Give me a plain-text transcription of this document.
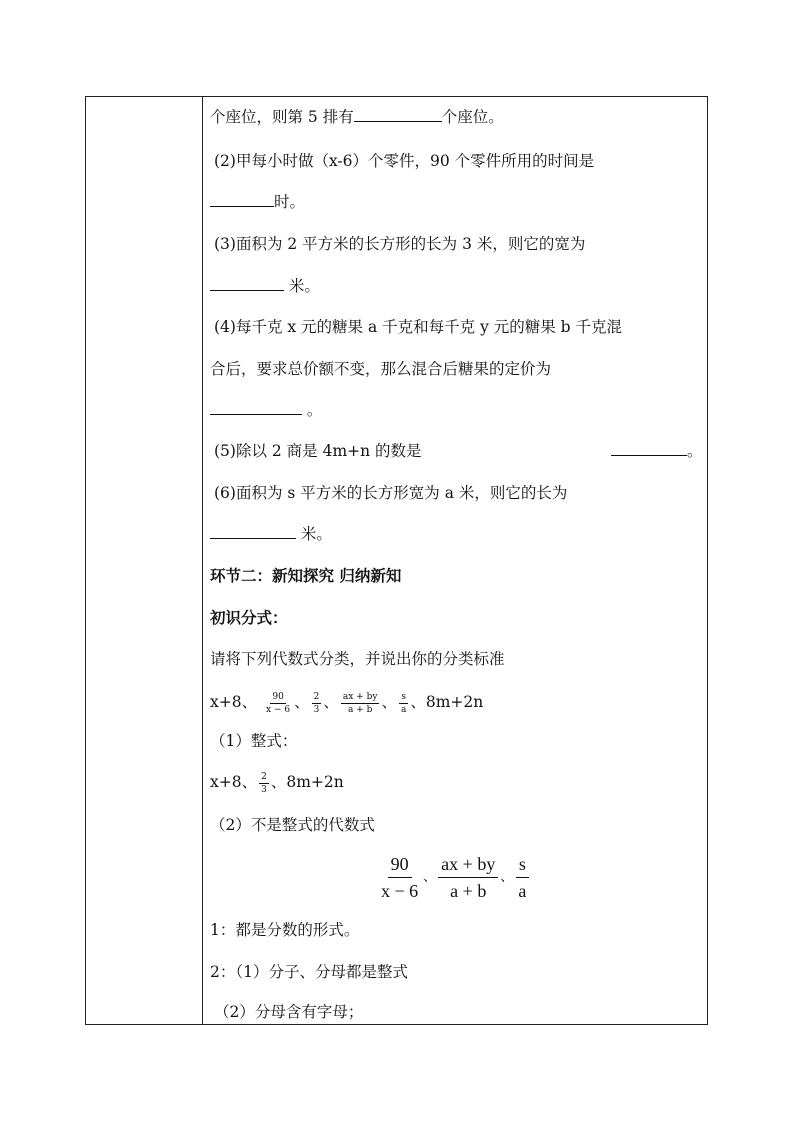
个座位，则第 5 排有	个座位。
(2)甲每小时做（x-6）个零件，90 个零件所用的时间是
时。
(3)面积为 2 平方米的长方形的长为 3 米，则它的宽为
米。
(4)每千克 x 元的糖果 a 千克和每千克 y 元的糖果 b 千克混
合后，要求总价额不变，那么混合后糖果的定价为
。
(5)除以 2 商是 4m+n 的数是	。
(6)面积为 s 平方米的长方形宽为 a 米，则它的长为
米。
环节二：新知探究 归纳新知
初识分式：
请将下列代数式分类，并说出你的分类标准
x+8、 $\frac{90}{x - 6}$ 、 $\frac{2}{3}$ 、 $\frac{ax + by}{a + b}$ 、 $\frac{s}{a}$ 、8m+2n
（1）整式：
x+8、 $\frac{2}{3}$ 、8m+2n
（2）不是整式的代数式
$\frac{90}{x - 6}$ 、 $\frac{ax + by}{a + b}$ 、 $\frac{s}{a}$
1：都是分数的形式。
2：（1）分子、分母都是整式
（2）分母含有字母；
